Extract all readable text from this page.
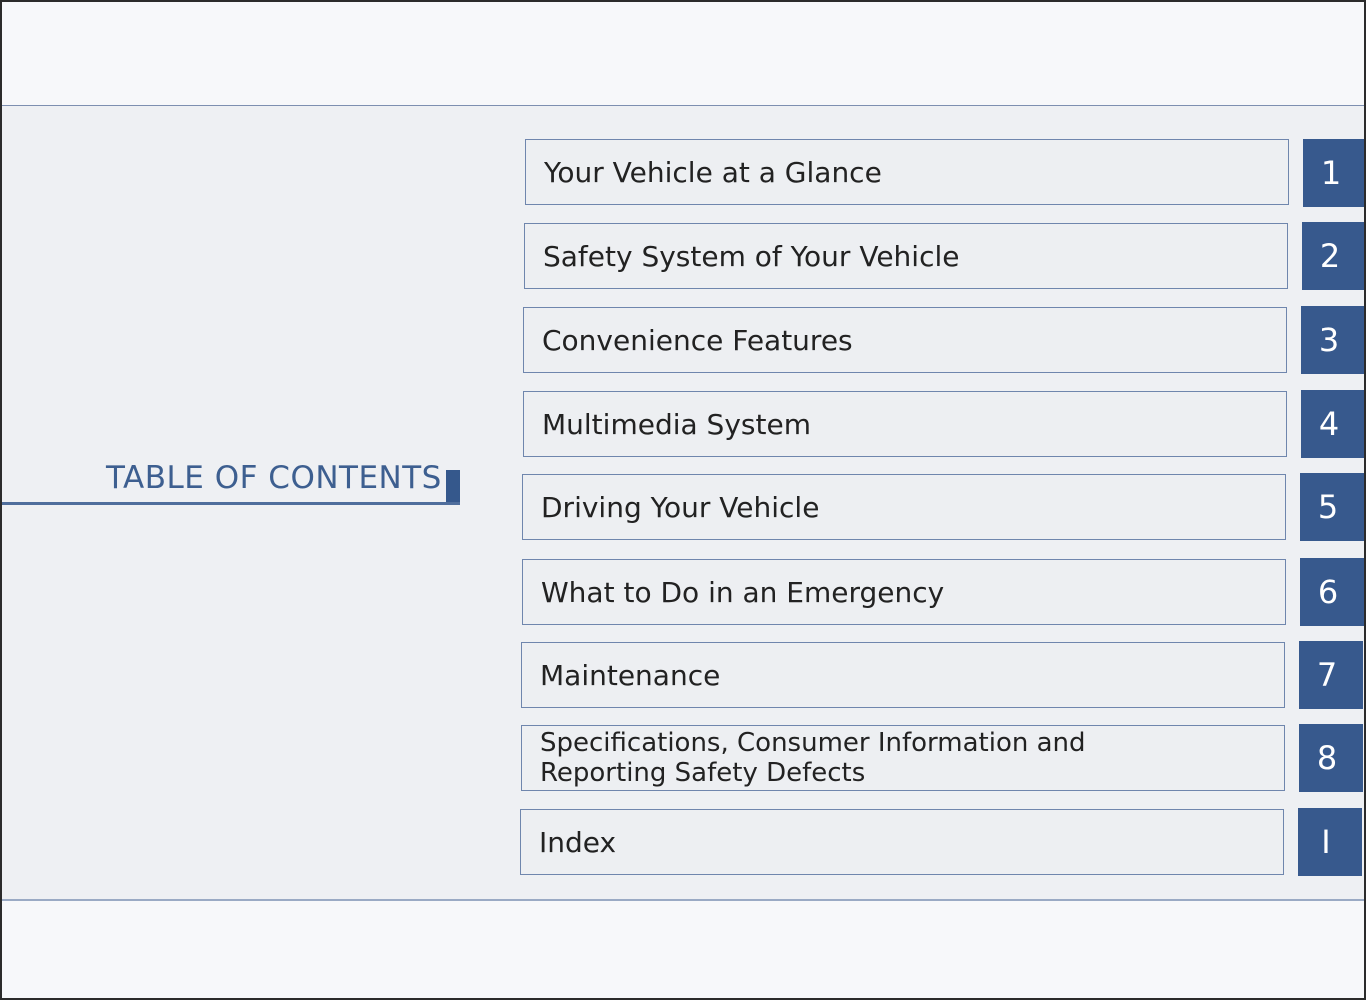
TABLE OF CONTENTS
Your Vehicle at a Glance	1
Safety System of Your Vehicle	2
Convenience Features	3
Multimedia System	4
Driving Your Vehicle	5
What to Do in an Emergency	6
Maintenance	7
Specifications, Consumer Information and Reporting Safety Defects	8
Index	I
